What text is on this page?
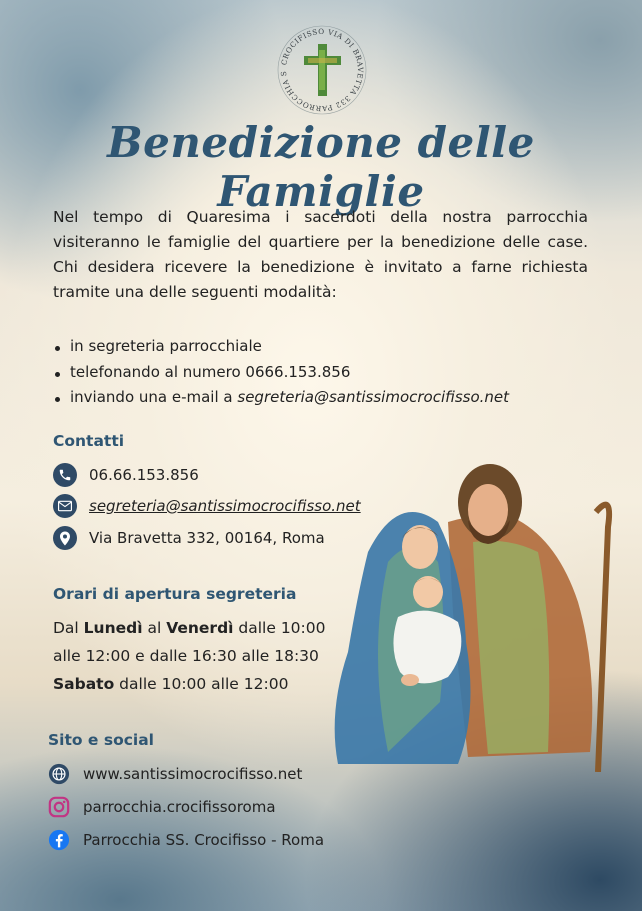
CROCIFISSO VIA DI BRAVETTA 332 PARROCCHIA S
Benedizione delle Famiglie

Nel tempo di Quaresima i sacerdoti della nostra parrocchia visiteranno le famiglie del quartiere per la benedizione delle case. Chi desidera ricevere la benedizione è invitato a farne richiesta tramite una delle seguenti modalità:

in segreteria parrocchiale
telefonando al numero 0666.153.856
inviando una e-mail a segreteria@santissimocrocifisso.net
Contatti
06.66.153.856
segreteria@santissimocrocifisso.net
Via Bravetta 332, 00164, Roma
Orari di apertura segreteria
Dal Lunedì al Venerdì dalle 10:00
alle 12:00 e dalle 16:30 alle 18:30
Sabato dalle 10:00 alle 12:00
Sito e social
www.santissimocrocifisso.net
parrocchia.crocifissoroma
Parrocchia SS. Crocifisso - Roma
